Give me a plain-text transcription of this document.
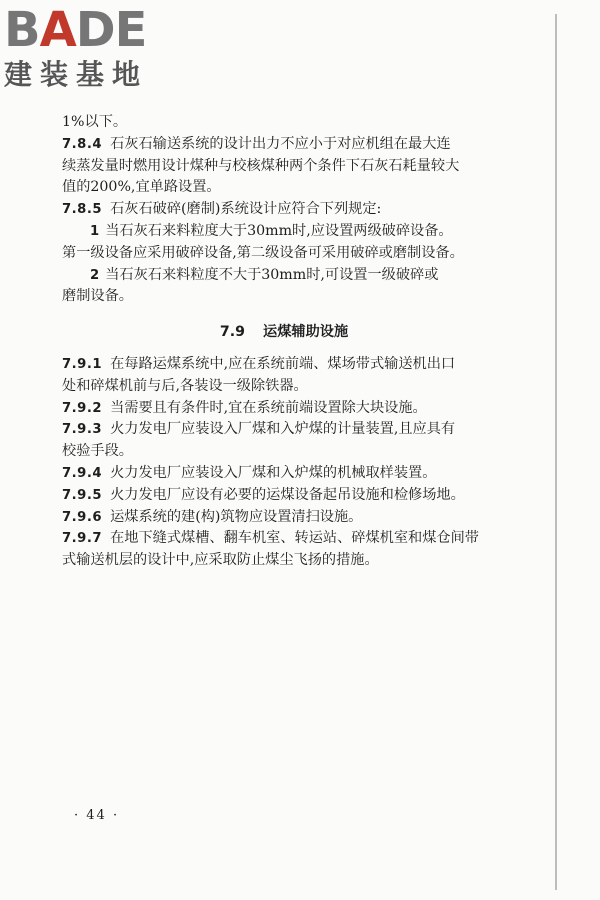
B A DE
建装基地
1%以下。
7.8.4 石灰石输送系统的设计出力不应小于对应机组在最大连
续蒸发量时燃用设计煤种与校核煤种两个条件下石灰石耗量较大
值的200%,宜单路设置。
7.8.5 石灰石破碎(磨制)系统设计应符合下列规定:
1 当石灰石来料粒度大于30mm时,应设置两级破碎设备。
第一级设备应采用破碎设备,第二级设备可采用破碎或磨制设备。
2 当石灰石来料粒度不大于30mm时,可设置一级破碎或
磨制设备。
7.9 运煤辅助设施
7.9.1 在每路运煤系统中,应在系统前端、煤场带式输送机出口
处和碎煤机前与后,各装设一级除铁器。
7.9.2 当需要且有条件时,宜在系统前端设置除大块设施。
7.9.3 火力发电厂应装设入厂煤和入炉煤的计量装置,且应具有
校验手段。
7.9.4 火力发电厂应装设入厂煤和入炉煤的机械取样装置。
7.9.5 火力发电厂应设有必要的运煤设备起吊设施和检修场地。
7.9.6 运煤系统的建(构)筑物应设置清扫设施。
7.9.7 在地下缝式煤槽、翻车机室、转运站、碎煤机室和煤仓间带
式输送机层的设计中,应采取防止煤尘飞扬的措施。
· 44 ·
